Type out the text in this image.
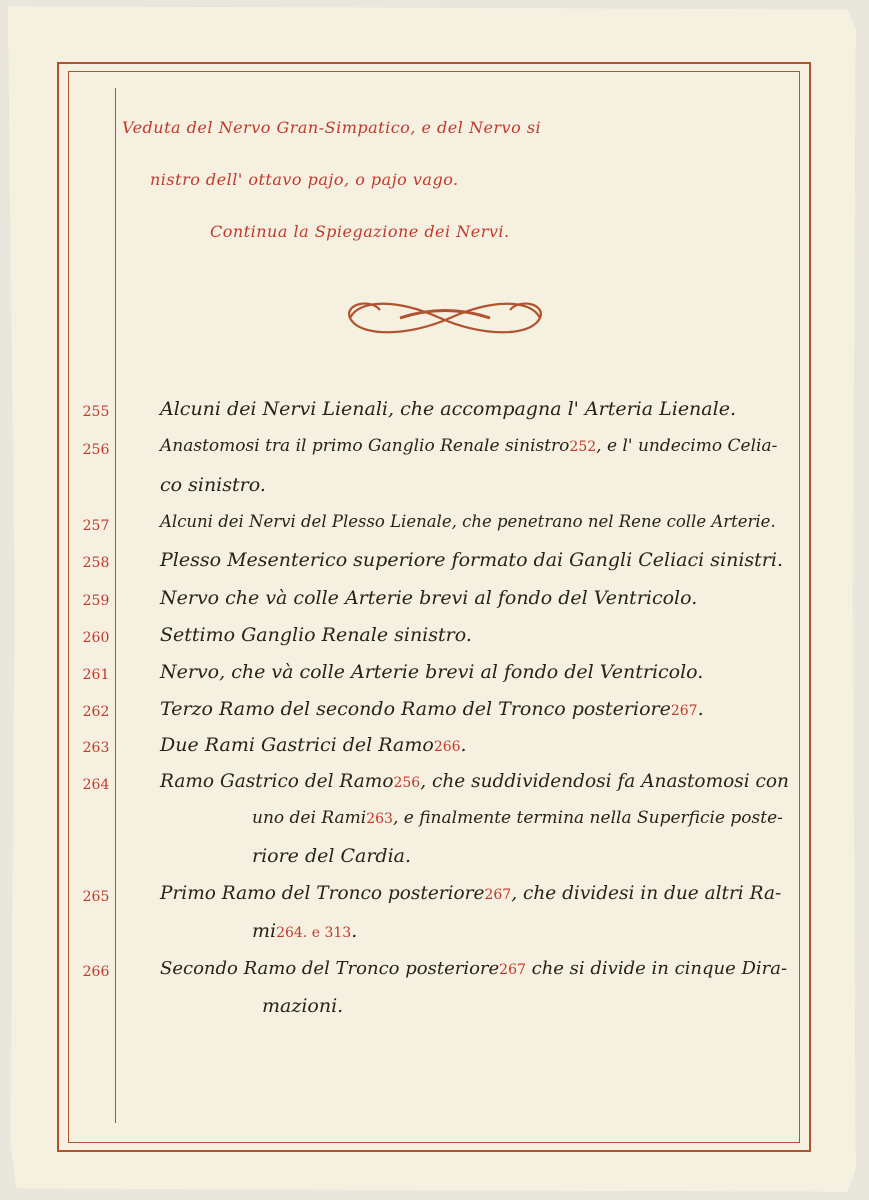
Veduta del Nervo Gran-Simpatico, e del Nervo si
nistro dell' ottavo pajo, o pajo vago.
Continua la Spiegazione dei Nervi.
255	Alcuni dei Nervi Lienali, che accompagna l' Arteria Lienale.
256	Anastomosi tra il primo Ganglio Renale sinistro252, e l' undecimo Celia-
co sinistro.
257	Alcuni dei Nervi del Plesso Lienale, che penetrano nel Rene colle Arterie.
258	Plesso Mesenterico superiore formato dai Gangli Celiaci sinistri.
259	Nervo che và colle Arterie brevi al fondo del Ventricolo.
260	Settimo Ganglio Renale sinistro.
261	Nervo, che và colle Arterie brevi al fondo del Ventricolo.
262	Terzo Ramo del secondo Ramo del Tronco posteriore267.
263	Due Rami Gastrici del Ramo266.
264	Ramo Gastrico del Ramo256, che suddividendosi fa Anastomosi con
uno dei Rami263, e finalmente termina nella Superficie poste-
riore del Cardia.
265	Primo Ramo del Tronco posteriore267, che dividesi in due altri Ra-
mi264. e 313.
266	Secondo Ramo del Tronco posteriore267 che si divide in cinque Dira-
mazioni.
